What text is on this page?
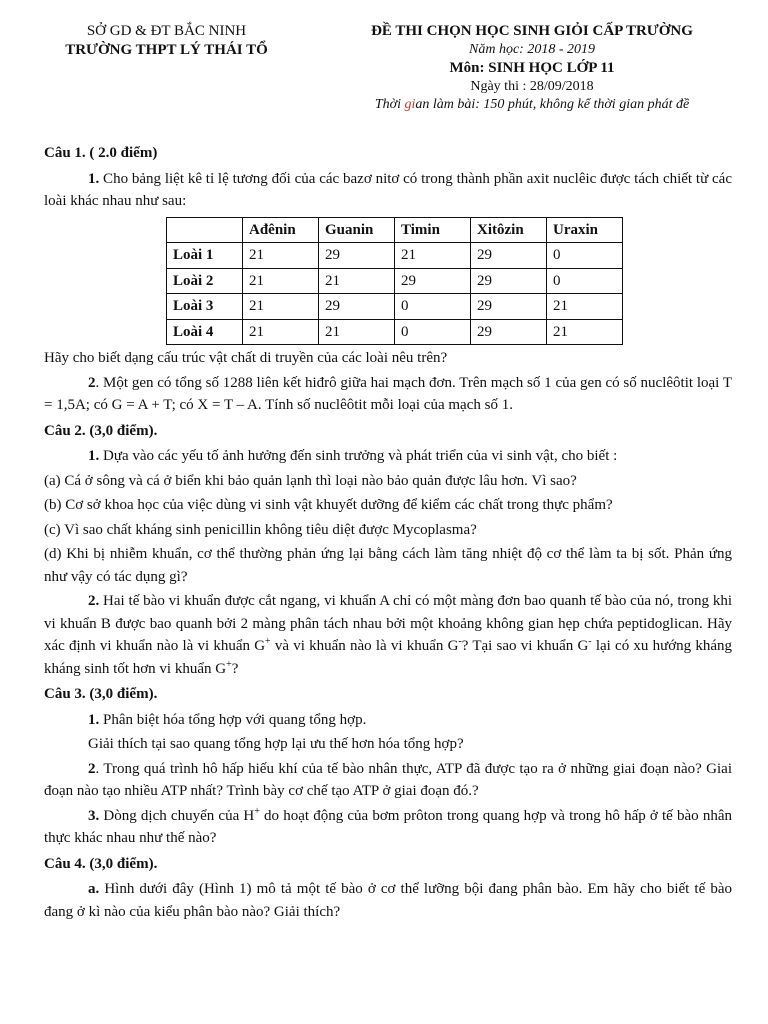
SỞ GD & ĐT BẮC NINH
TRƯỜNG THPT LÝ THÁI TỔ
ĐỀ THI CHỌN HỌC SINH GIỎI CẤP TRƯỜNG
Năm học: 2018 - 2019
Môn: SINH HỌC LỚP 11
Ngày thi : 28/09/2018
Thời gian làm bài: 150 phút, không kể thời gian phát đề
Câu 1. ( 2.0 điểm)

1. Cho bảng liệt kê tỉ lệ tương đối của các bazơ nitơ có trong thành phần axit nuclêic được tách chiết từ các loài khác nhau như sau:

	Ađênin	Guanin	Timin	Xitôzin	Uraxin
Loài 1	21	29	21	29	0
Loài 2	21	21	29	29	0
Loài 3	21	29	0	29	21
Loài 4	21	21	0	29	21

Hãy cho biết dạng cấu trúc vật chất di truyền của các loài nêu trên?

2. Một gen có tổng số 1288 liên kết hiđrô giữa hai mạch đơn. Trên mạch số 1 của gen có số nuclêôtit loại T = 1,5A; có G = A + T; có X = T – A. Tính số nuclêôtit mỗi loại của mạch số 1.

Câu 2. (3,0 điểm).

1. Dựa vào các yếu tố ảnh hưởng đến sinh trưởng và phát triển của vi sinh vật, cho biết :

(a) Cá ở sông và cá ở biển khi bảo quản lạnh thì loại nào bảo quản được lâu hơn. Vì sao?

(b) Cơ sở khoa học của việc dùng vi sinh vật khuyết dưỡng để kiểm các chất trong thực phẩm?

(c) Vì sao chất kháng sinh penicillin không tiêu diệt được Mycoplasma?

(d) Khi bị nhiễm khuẩn, cơ thể thường phản ứng lại bằng cách làm tăng nhiệt độ cơ thể làm ta bị sốt. Phản ứng như vậy có tác dụng gì?

2. Hai tế bào vi khuẩn được cắt ngang, vi khuẩn A chỉ có một màng đơn bao quanh tế bào của nó, trong khi vi khuẩn B được bao quanh bởi 2 màng phân tách nhau bởi một khoảng không gian hẹp chứa peptidoglican. Hãy xác định vi khuẩn nào là vi khuẩn G+ và vi khuẩn nào là vi khuẩn G-? Tại sao vi khuẩn G- lại có xu hướng kháng kháng sinh tốt hơn vi khuẩn G+?

Câu 3. (3,0 điểm).

1. Phân biệt hóa tổng hợp với quang tổng hợp.

Giải thích tại sao quang tổng hợp lại ưu thế hơn hóa tổng hợp?

2. Trong quá trình hô hấp hiếu khí của tế bào nhân thực, ATP đã được tạo ra ở những giai đoạn nào? Giai đoạn nào tạo nhiều ATP nhất? Trình bày cơ chế tạo ATP ở giai đoạn đó.?

3. Dòng dịch chuyển của H+ do hoạt động của bơm prôton trong quang hợp và trong hô hấp ở tế bào nhân thực khác nhau như thế nào?

Câu 4. (3,0 điểm).

a. Hình dưới đây (Hình 1) mô tả một tế bào ở cơ thể lưỡng bội đang phân bào. Em hãy cho biết tế bào đang ở kì nào của kiểu phân bào nào? Giải thích?
